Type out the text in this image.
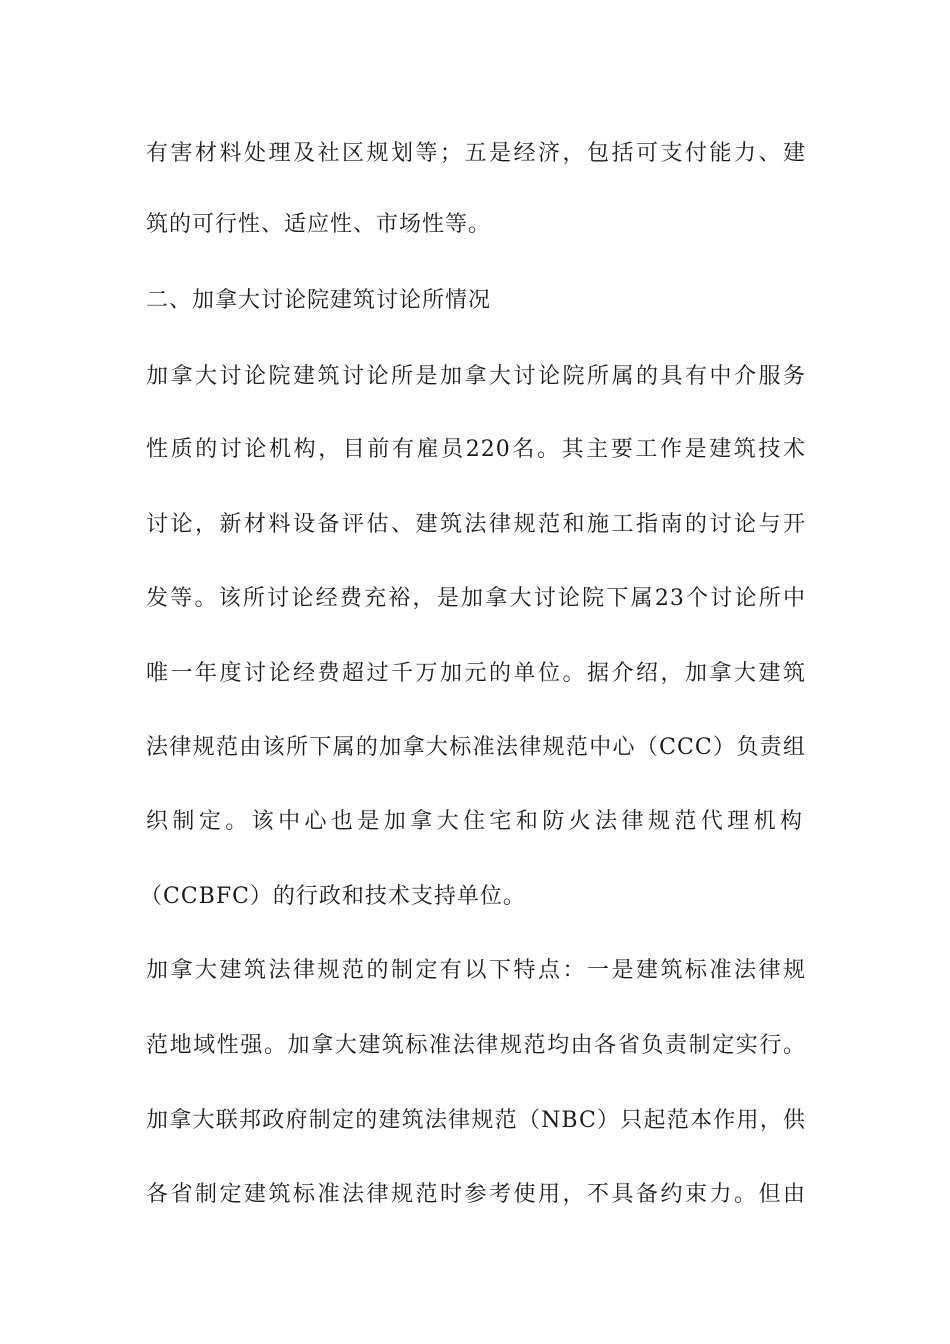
有害材料处理及社区规划等；五是经济，包括可支付能力、建
筑的可行性、适应性、市场性等。
二、加拿大讨论院建筑讨论所情况
加拿大讨论院建筑讨论所是加拿大讨论院所属的具有中介服务
性质的讨论机构，目前有雇员220名。其主要工作是建筑技术
讨论，新材料设备评估、建筑法律规范和施工指南的讨论与开
发等。该所讨论经费充裕，是加拿大讨论院下属23个讨论所中
唯一年度讨论经费超过千万加元的单位。据介绍，加拿大建筑
法律规范由该所下属的加拿大标准法律规范中心（CCC）负责组
织制定。该中心也是加拿大住宅和防火法律规范代理机构
（CCBFC）的行政和技术支持单位。
加拿大建筑法律规范的制定有以下特点：一是建筑标准法律规
范地域性强。加拿大建筑标准法律规范均由各省负责制定实行。
加拿大联邦政府制定的建筑法律规范（NBC）只起范本作用，供
各省制定建筑标准法律规范时参考使用，不具备约束力。但由
